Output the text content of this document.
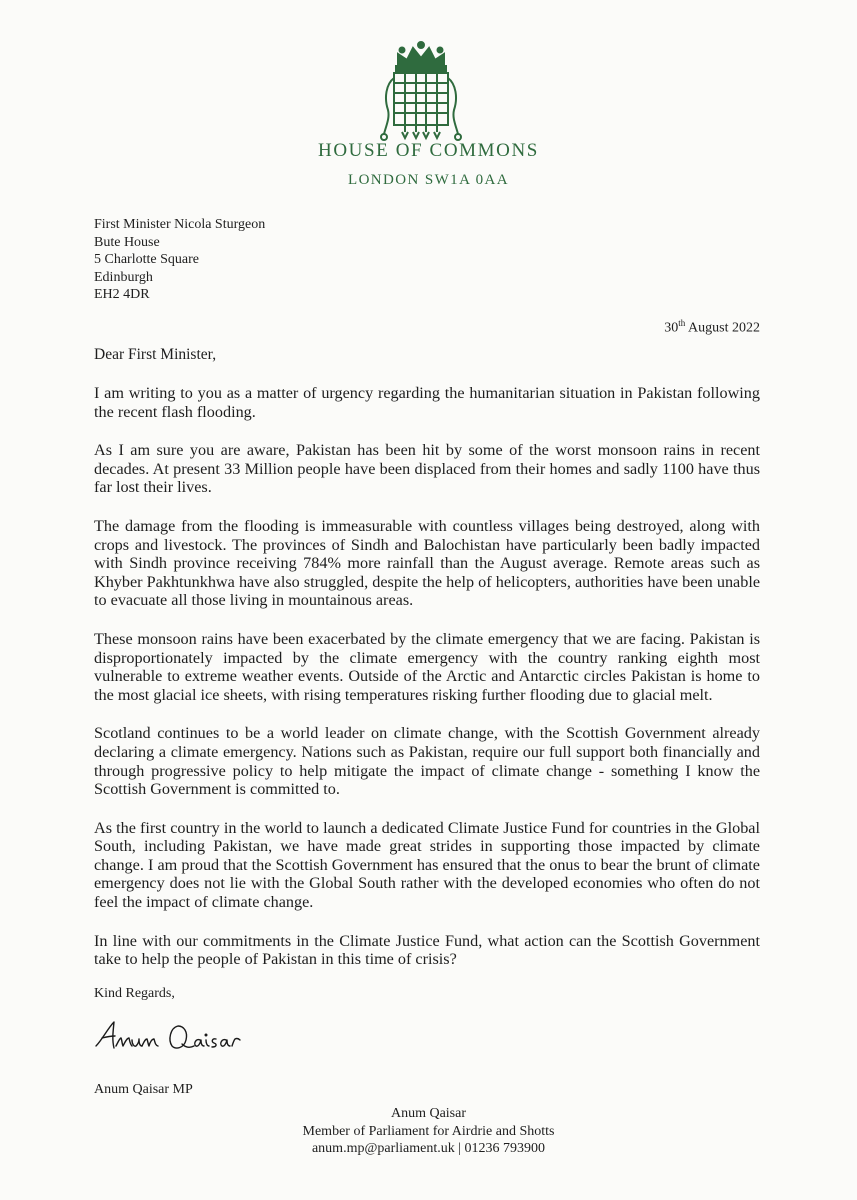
HOUSE OF COMMONS
LONDON SW1A 0AA
First Minister Nicola Sturgeon
Bute House
5 Charlotte Square
Edinburgh
EH2 4DR
30th August 2022
Dear First Minister,

I am writing to you as a matter of urgency regarding the humanitarian situation in Pakistan following the recent flash flooding.

As I am sure you are aware, Pakistan has been hit by some of the worst monsoon rains in recent decades. At present 33 Million people have been displaced from their homes and sadly 1100 have thus far lost their lives.

The damage from the flooding is immeasurable with countless villages being destroyed, along with crops and livestock. The provinces of Sindh and Balochistan have particularly been badly impacted with Sindh province receiving 784% more rainfall than the August average. Remote areas such as Khyber Pakhtunkhwa have also struggled, despite the help of helicopters, authorities have been unable to evacuate all those living in mountainous areas.

These monsoon rains have been exacerbated by the climate emergency that we are facing. Pakistan is disproportionately impacted by the climate emergency with the country ranking eighth most vulnerable to extreme weather events. Outside of the Arctic and Antarctic circles Pakistan is home to the most glacial ice sheets, with rising temperatures risking further flooding due to glacial melt.

Scotland continues to be a world leader on climate change, with the Scottish Government already declaring a climate emergency. Nations such as Pakistan, require our full support both financially and through progressive policy to help mitigate the impact of climate change - something I know the Scottish Government is committed to.

As the first country in the world to launch a dedicated Climate Justice Fund for countries in the Global South, including Pakistan, we have made great strides in supporting those impacted by climate change. I am proud that the Scottish Government has ensured that the onus to bear the brunt of climate emergency does not lie with the Global South rather with the developed economies who often do not feel the impact of climate change.

In line with our commitments in the Climate Justice Fund, what action can the Scottish Government take to help the people of Pakistan in this time of crisis?

Kind Regards,
Anum Qaisar MP
Anum Qaisar
Member of Parliament for Airdrie and Shotts
anum.mp@parliament.uk | 01236 793900
